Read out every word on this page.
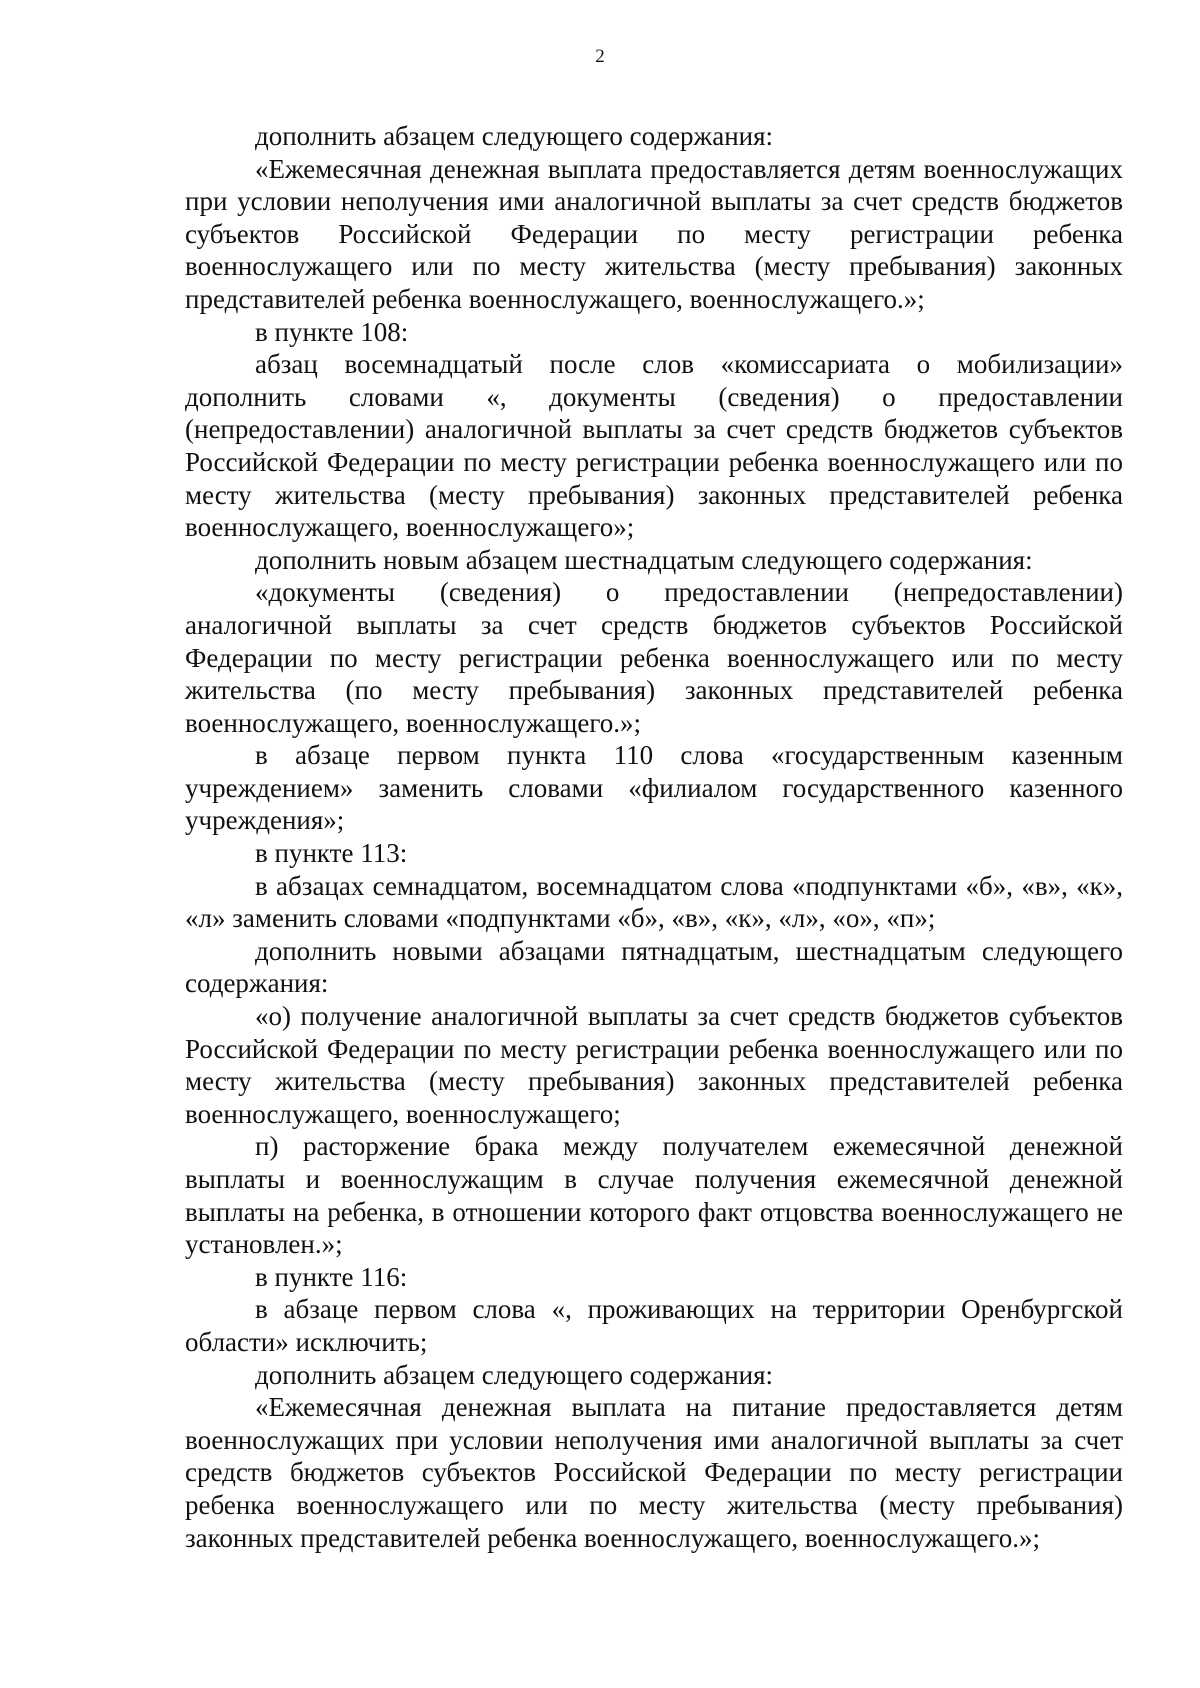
2

дополнить абзацем следующего содержания:

«Ежемесячная денежная выплата предоставляется детям военнослужащих при условии неполучения ими аналогичной выплаты за счет средств бюджетов субъектов Российской Федерации по месту регистрации ребенка военнослужащего или по месту жительства (месту пребывания) законных представителей ребенка военнослужащего, военнослужащего.»;

в пункте 108:

абзац восемнадцатый после слов «комиссариата о мобилизации» дополнить словами «, документы (сведения) о предоставлении (непредоставлении) аналогичной выплаты за счет средств бюджетов субъектов Российской Федерации по месту регистрации ребенка военнослужащего или по месту жительства (месту пребывания) законных представителей ребенка военнослужащего, военнослужащего»;

дополнить новым абзацем шестнадцатым следующего содержания:

«документы (сведения) о предоставлении (непредоставлении) аналогичной выплаты за счет средств бюджетов субъектов Российской Федерации по месту регистрации ребенка военнослужащего или по месту жительства (по месту пребывания) законных представителей ребенка военнослужащего, военнослужащего.»;

в абзаце первом пункта 110 слова «государственным казенным учреждением» заменить словами «филиалом государственного казенного учреждения»;

в пункте 113:

в абзацах семнадцатом, восемнадцатом слова «подпунктами «б», «в», «к», «л» заменить словами «подпунктами «б», «в», «к», «л», «о», «п»;

дополнить новыми абзацами пятнадцатым, шестнадцатым следующего содержания:

«о) получение аналогичной выплаты за счет средств бюджетов субъектов Российской Федерации по месту регистрации ребенка военнослужащего или по месту жительства (месту пребывания) законных представителей ребенка военнослужащего, военнослужащего;

п) расторжение брака между получателем ежемесячной денежной выплаты и военнослужащим в случае получения ежемесячной денежной выплаты на ребенка, в отношении которого факт отцовства военнослужащего не установлен.»;

в пункте 116:

в абзаце первом слова «, проживающих на территории Оренбургской области» исключить;

дополнить абзацем следующего содержания:

«Ежемесячная денежная выплата на питание предоставляется детям военнослужащих при условии неполучения ими аналогичной выплаты за счет средств бюджетов субъектов Российской Федерации по месту регистрации ребенка военнослужащего или по месту жительства (месту пребывания) законных представителей ребенка военнослужащего, военнослужащего.»;
